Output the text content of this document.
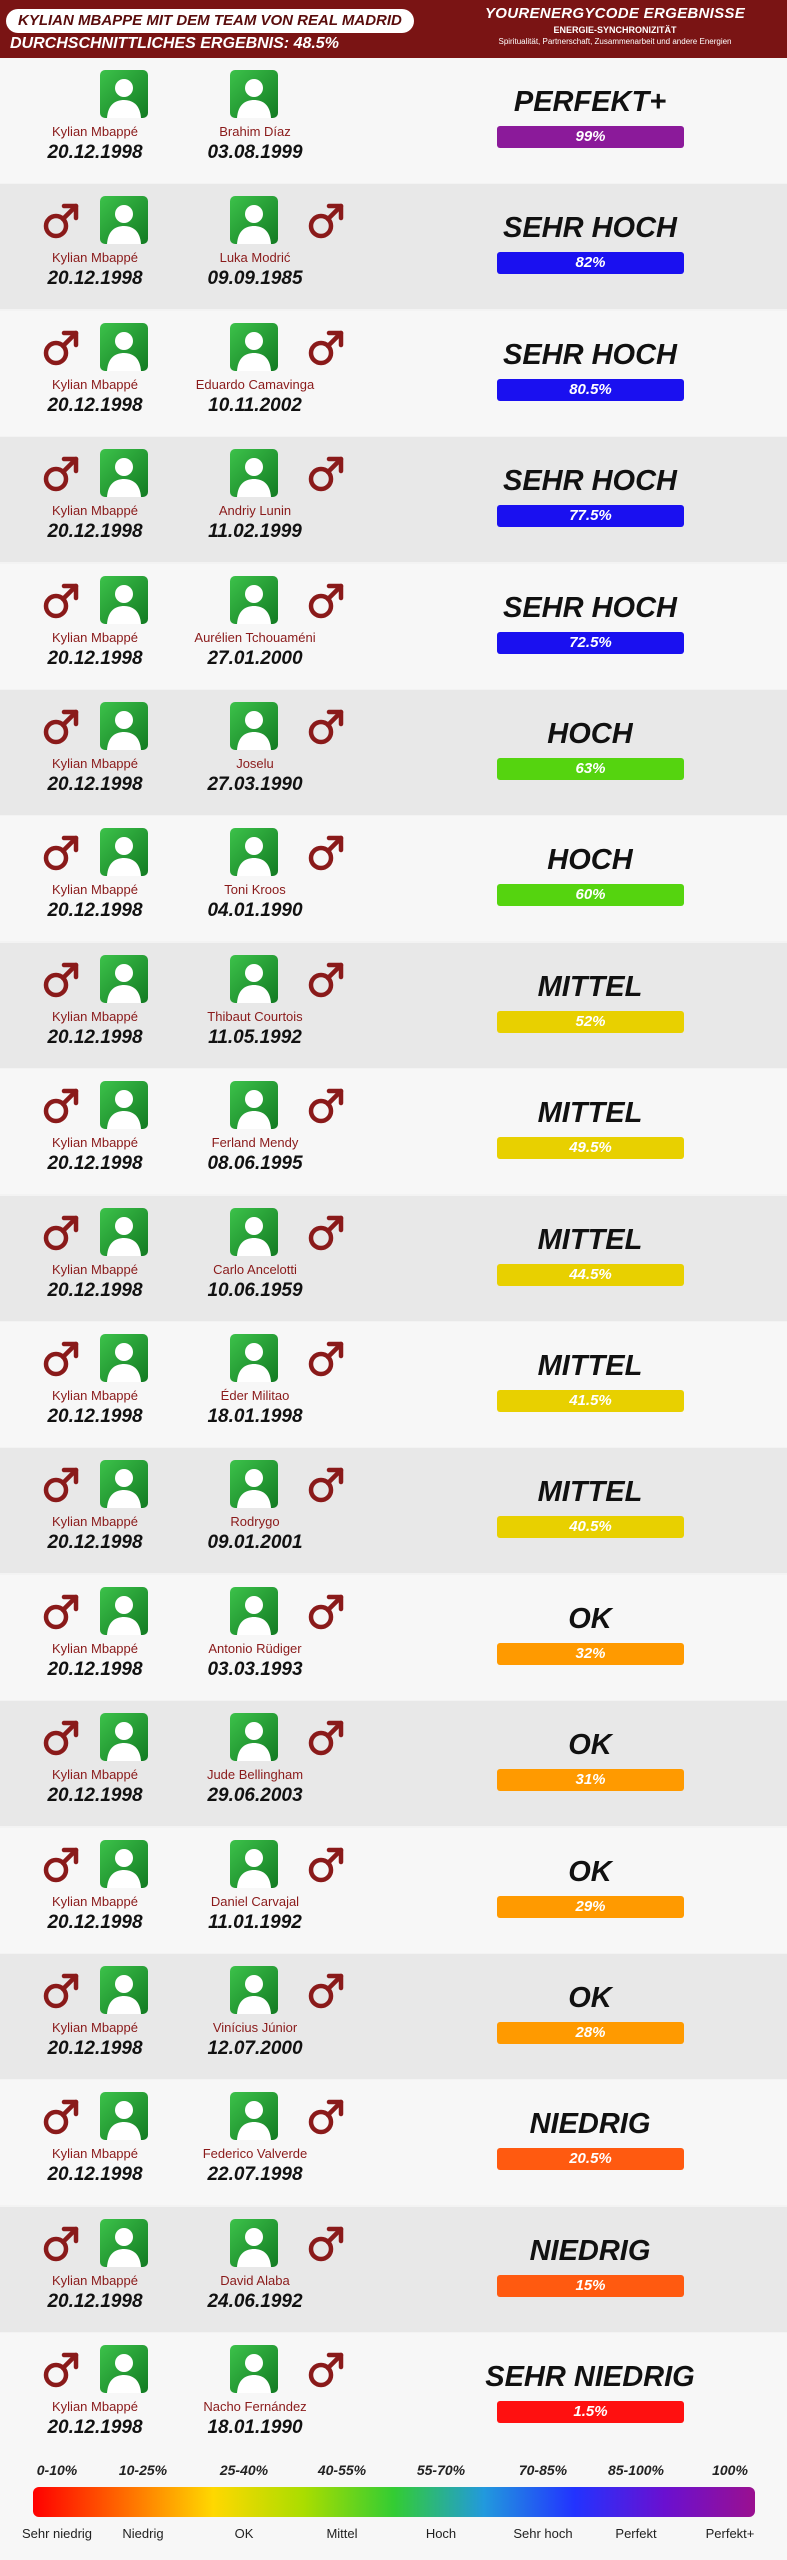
KYLIAN MBAPPE MIT DEM TEAM VON REAL MADRID
DURCHSCHNITTLICHES ERGEBNIS: 48.5%
YOURENERGYCODE ERGEBNISSE
ENERGIE-SYNCHRONIZITÄT
Spiritualität, Partnerschaft, Zusammenarbeit und andere Energien
Kylian Mbappé
20.12.1998
Brahim Díaz
03.08.1999
PERFEKT+
99%
Kylian Mbappé
20.12.1998
Luka Modrić
09.09.1985
SEHR HOCH
82%
Kylian Mbappé
20.12.1998
Eduardo Camavinga
10.11.2002
SEHR HOCH
80.5%
Kylian Mbappé
20.12.1998
Andriy Lunin
11.02.1999
SEHR HOCH
77.5%
Kylian Mbappé
20.12.1998
Aurélien Tchouaméni
27.01.2000
SEHR HOCH
72.5%
Kylian Mbappé
20.12.1998
Joselu
27.03.1990
HOCH
63%
Kylian Mbappé
20.12.1998
Toni Kroos
04.01.1990
HOCH
60%
Kylian Mbappé
20.12.1998
Thibaut Courtois
11.05.1992
MITTEL
52%
Kylian Mbappé
20.12.1998
Ferland Mendy
08.06.1995
MITTEL
49.5%
Kylian Mbappé
20.12.1998
Carlo Ancelotti
10.06.1959
MITTEL
44.5%
Kylian Mbappé
20.12.1998
Éder Militao
18.01.1998
MITTEL
41.5%
Kylian Mbappé
20.12.1998
Rodrygo
09.01.2001
MITTEL
40.5%
Kylian Mbappé
20.12.1998
Antonio Rüdiger
03.03.1993
OK
32%
Kylian Mbappé
20.12.1998
Jude Bellingham
29.06.2003
OK
31%
Kylian Mbappé
20.12.1998
Daniel Carvajal
11.01.1992
OK
29%
Kylian Mbappé
20.12.1998
Vinícius Júnior
12.07.2000
OK
28%
Kylian Mbappé
20.12.1998
Federico Valverde
22.07.1998
NIEDRIG
20.5%
Kylian Mbappé
20.12.1998
David Alaba
24.06.1992
NIEDRIG
15%
Kylian Mbappé
20.12.1998
Nacho Fernández
18.01.1990
SEHR NIEDRIG
1.5%
0-10%	10-25%	25-40%	40-55%	55-70%	70-85%	85-100%	100%
Sehr niedrig	Niedrig	OK	Mittel	Hoch	Sehr hoch	Perfekt	Perfekt+
